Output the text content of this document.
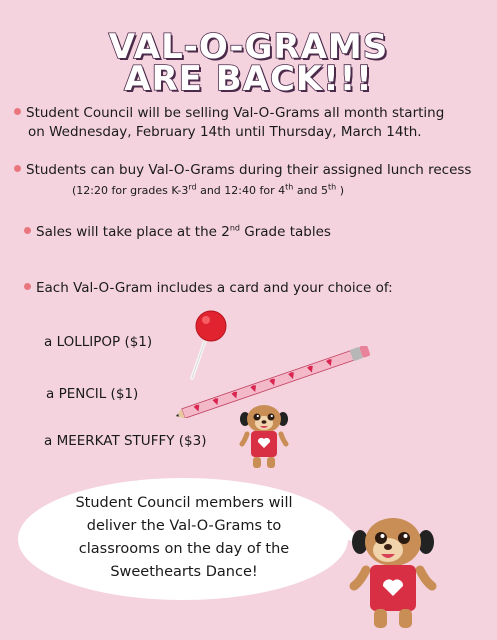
VAL-O-GRAMS
ARE BACK!!!
Student Council will be selling Val-O-Grams all month starting
on Wednesday, February 14th until Thursday, March 14th.
Students can buy Val-O-Grams during their assigned lunch recess
(12:20 for grades K-3rd and 12:40 for 4th and 5th )
Sales will take place at the 2nd Grade tables
Each Val-O-Gram includes a card and your choice of:
a LOLLIPOP ($1)
a PENCIL ($1)
a MEERKAT STUFFY ($3)
Student Council members will
deliver the Val-O-Grams to
classrooms on the day of the
Sweethearts Dance!
